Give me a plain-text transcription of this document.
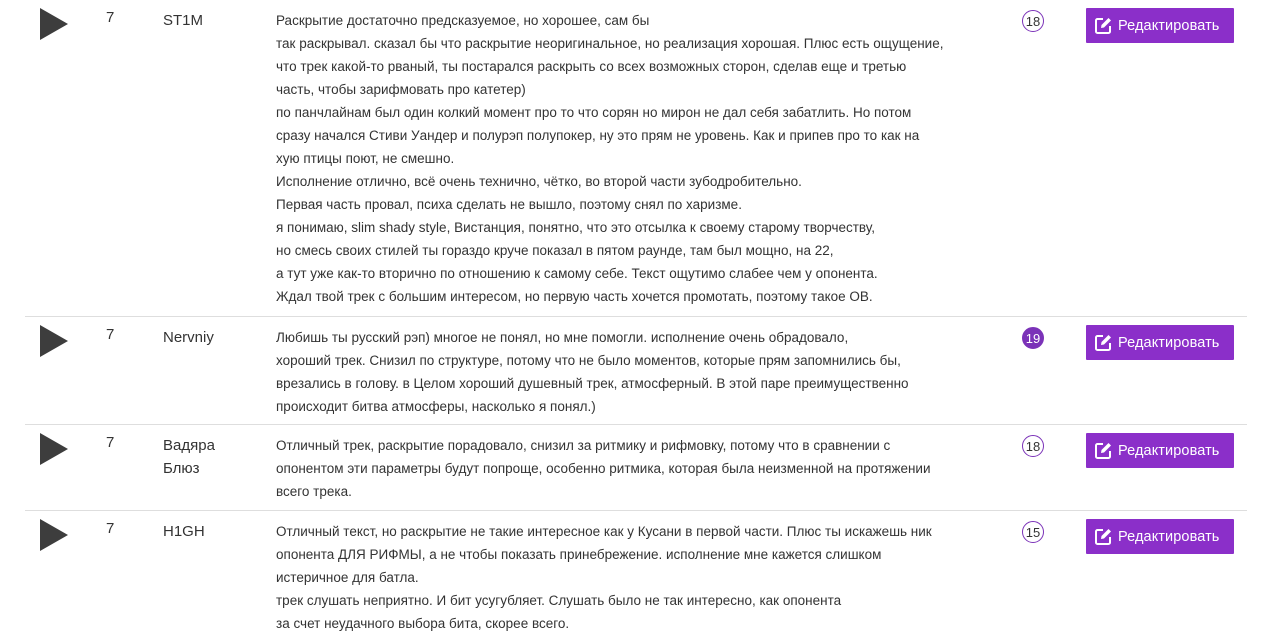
7	ST1M	Раскрытие достаточно предсказуемое, но хорошее, сам бы
так раскрывал. сказал бы что раскрытие неоригинальное, но реализация хорошая. Плюс есть ощущение,
что трек какой-то рваный, ты постарался раскрыть со всех возможных сторон, сделав еще и третью
часть, чтобы зарифмовать про катетер)
по панчлайнам был один колкий момент про то что сорян но мирон не дал себя забатлить. Но потом
сразу начался Стиви Уандер и полурэп полупокер, ну это прям не уровень. Как и припев про то как на
хую птицы поют, не смешно.
Исполнение отлично, всё очень технично, чётко, во второй части зубодробительно.
Первая часть провал, психа сделать не вышло, поэтому снял по харизме.
я понимаю, slim shady style, Вистанция, понятно, что это отсылка к своему старому творчеству,
но смесь своих стилей ты гораздо круче показал в пятом раунде, там был мощно, на 22,
а тут уже как-то вторично по отношению к самому себе. Текст ощутимо слабее чем у опонента.
Ждал твой трек с большим интересом, но первую часть хочется промотать, поэтому такое ОВ.
18	Редактировать
7	Nervniy	Любишь ты русский рэп) многое не понял, но мне помогли. исполнение очень обрадовало,
хороший трек. Снизил по структуре, потому что не было моментов, которые прям запомнились бы,
врезались в голову. в Целом хороший душевный трек, атмосферный. В этой паре преимущественно
происходит битва атмосферы, насколько я понял.)
19	Редактировать
7	Вадяра Блюз
Отличный трек, раскрытие порадовало, снизил за ритмику и рифмовку, потому что в сравнении с
опонентом эти параметры будут попроще, особенно ритмика, которая была неизменной на протяжении
всего трека.
18	Редактировать
7	H1GH	Отличный текст, но раскрытие не такие интересное как у Кусани в первой части. Плюс ты искажешь ник
опонента ДЛЯ РИФМЫ, а не чтобы показать принебрежение. исполнение мне кажется слишком
истеричное для батла.
трек слушать неприятно. И бит усугубляет. Слушать было не так интересно, как опонента
за счет неудачного выбора бита, скорее всего.
15	Редактировать
